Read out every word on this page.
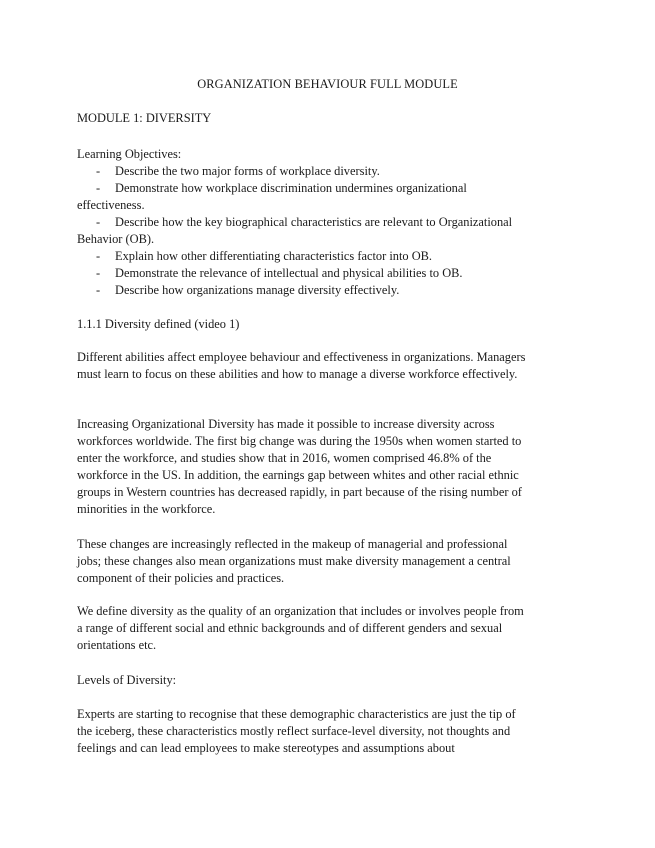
ORGANIZATION BEHAVIOUR FULL MODULE

MODULE 1: DIVERSITY

Learning Objectives:

-	Describe the two major forms of workplace diversity.
-	Demonstrate how workplace discrimination undermines organizational effectiveness.
-	Describe how the key biographical characteristics are relevant to Organizational Behavior (OB).
-	Explain how other differentiating characteristics factor into OB.
-	Demonstrate the relevance of intellectual and physical abilities to OB.
-	Describe how organizations manage diversity effectively.

1.1.1 Diversity defined (video 1)

Different abilities affect employee behaviour and effectiveness in organizations. Managers must learn to focus on these abilities and how to manage a diverse workforce effectively.

Increasing Organizational Diversity has made it possible to increase diversity across workforces worldwide. The first big change was during the 1950s when women started to enter the workforce, and studies show that in 2016, women comprised 46.8% of the workforce in the US. In addition, the earnings gap between whites and other racial ethnic groups in Western countries has decreased rapidly, in part because of the rising number of minorities in the workforce.

These changes are increasingly reflected in the makeup of managerial and professional jobs; these changes also mean organizations must make diversity management a central component of their policies and practices.

We define diversity as the quality of an organization that includes or involves people from a range of different social and ethnic backgrounds and of different genders and sexual orientations etc.

Levels of Diversity:

Experts are starting to recognise that these demographic characteristics are just the tip of the iceberg, these characteristics mostly reflect surface-level diversity, not thoughts and feelings and can lead employees to make stereotypes and assumptions about
